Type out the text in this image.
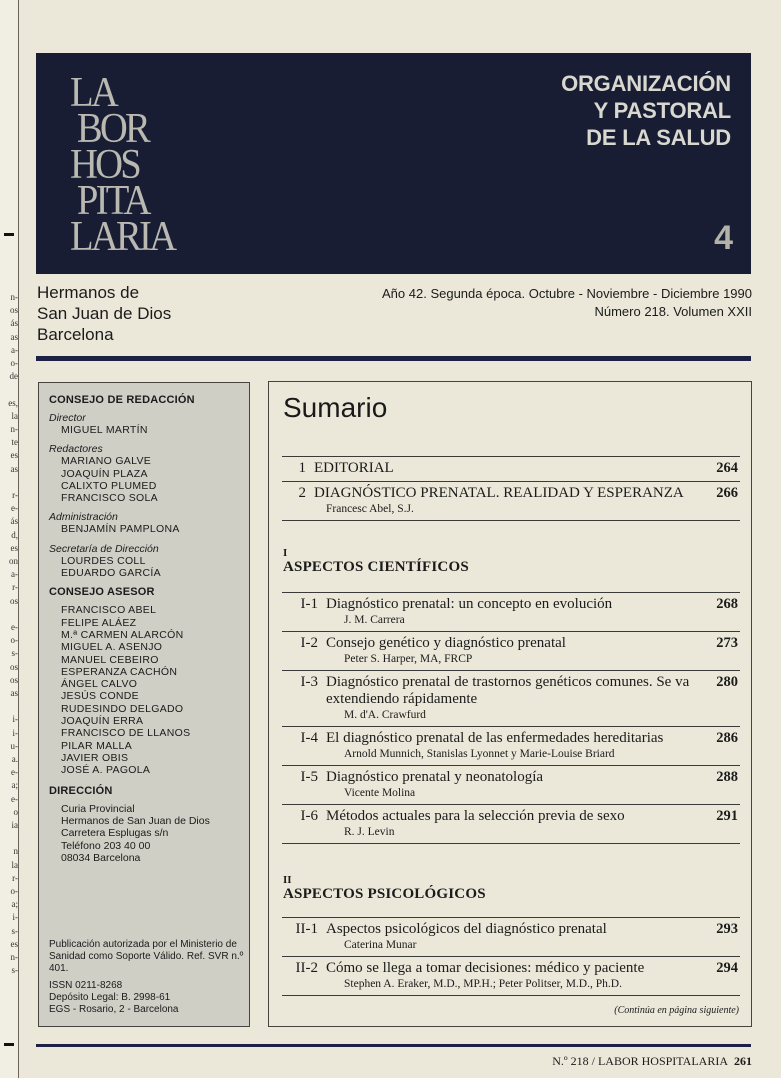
n-
os
ás
as
a-
o-
de
es,
la
n-
te
es
as
r-
e-
ás
d,
es
on
a-
r-
os
e-
o-
s-
os
os
as
i-
i-
u-
a.
e-
a;
e-
o
ia
n
la
r-
o-
a;
i-
s-
es
n-
s-
LA
BOR
HOS
PITA
LARIA
ORGANIZACIÓN
Y PASTORAL
DE LA SALUD
4
Hermanos de
San Juan de Dios
Barcelona
Año 42. Segunda época. Octubre - Noviembre - Diciembre 1990
Número 218. Volumen XXII
CONSEJO DE REDACCIÓN
Director
MIGUEL MARTÍN
Redactores
MARIANO GALVE
JOAQUÍN PLAZA
CALIXTO PLUMED
FRANCISCO SOLA
Administración
BENJAMÍN PAMPLONA
Secretaría de Dirección
LOURDES COLL
EDUARDO GARCÍA
CONSEJO ASESOR
FRANCISCO ABEL
FELIPE ALÁEZ
M.ª CARMEN ALARCÓN
MIGUEL A. ASENJO
MANUEL CEBEIRO
ESPERANZA CACHÓN
ÁNGEL CALVO
JESÚS CONDE
RUDESINDO DELGADO
JOAQUÍN ERRA
FRANCISCO DE LLANOS
PILAR MALLA
JAVIER OBIS
JOSÉ A. PAGOLA
DIRECCIÓN
Curia Provincial
Hermanos de San Juan de Dios
Carretera Esplugas s/n
Teléfono 203 40 00
08034 Barcelona

Publicación autorizada por el Ministerio de Sanidad como Soporte Válido. Ref. SVR n.º 401.

ISSN 0211-8268
Depósito Legal: B. 2998-61
EGS - Rosario, 2 - Barcelona
Sumario
1 EDITORIAL	264
2 DIAGNÓSTICO PRENATAL. REALIDAD Y ESPERANZA
Francesc Abel, S.J.
266
I
ASPECTOS CIENTÍFICOS
I-1 Diagnóstico prenatal: un concepto en evolución
J. M. Carrera
268
I-2 Consejo genético y diagnóstico prenatal
Peter S. Harper, MA, FRCP
273
I-3 Diagnóstico prenatal de trastornos genéticos comunes. Se va extendiendo rápidamente
M. d'A. Crawfurd
280
I-4 El diagnóstico prenatal de las enfermedades hereditarias
Arnold Munnich, Stanislas Lyonnet y Marie-Louise Briard
286
I-5 Diagnóstico prenatal y neonatología
Vicente Molina
288
I-6 Métodos actuales para la selección previa de sexo
R. J. Levin
291
II
ASPECTOS PSICOLÓGICOS
II-1 Aspectos psicológicos del diagnóstico prenatal
Caterina Munar
293
II-2 Cómo se llega a tomar decisiones: médico y paciente
Stephen A. Eraker, M.D., MP.H.; Peter Politser, M.D., Ph.D.
294
(Continúa en página siguiente)
N.º 218 / LABOR HOSPITALARIA 261
